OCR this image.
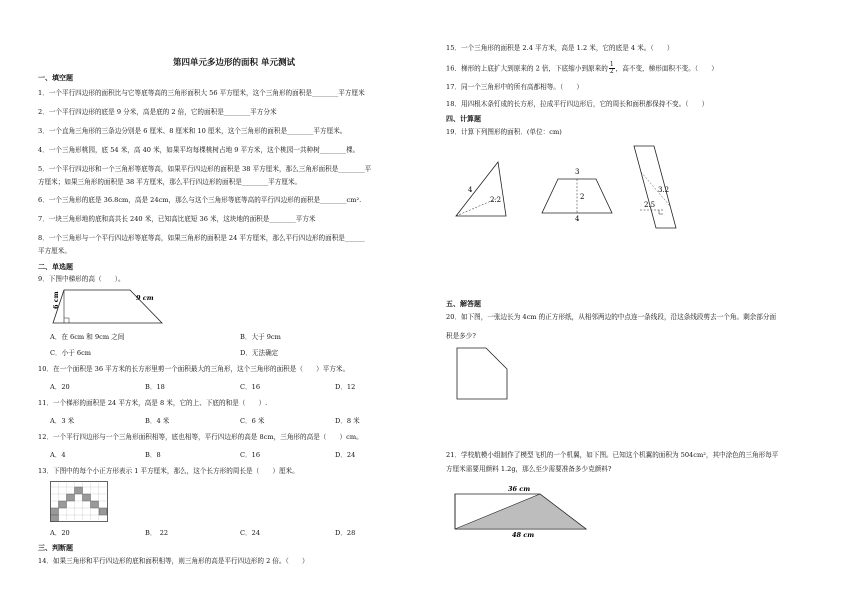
第四单元多边形的面积 单元测试
一、填空题
1．一个平行四边形的面积比与它等底等高的三角形面积大 56 平方厘米，这个三角形的面积是________平方厘米
2．一个平行四边形的底是 9 分米，高是底的 2 倍，它的面积是________平方分米
3．一个直角三角形的三条边分别是 6 厘米、8 厘米和 10 厘米，这个三角形的面积是________平方厘米。
4．一个三角形桃园，底 54 米，高 40 米，如果平均每棵桃树占地 9 平方米，这个桃园一共种树________棵。
5．一个平行四边形和一个三角形等底等高，如果平行四边形的面积是 38 平方厘米，那么三角形面积是________平
方厘米；如果三角形的面积是 38 平方厘米，那么平行四边形的面积是________平方厘米。
6．一个三角形的底是 36.8cm，高是 24cm，那么与这个三角形等底等高的平行四边形的面积是________cm².
7．一块三角形地的底和高共长 240 米，已知高比底短 36 米，这块地的面积是________平方米
8．一个三角形与一个平行四边形等底等高，如果三角形的面积是 24 平方厘米，那么平行四边形的面积是______
平方厘米。
二、单选题
9．下图中梯形的高（　　）。
6 cm	9 cm
A．在 6cm 和 9cm 之间	B．大于 9cm
C．小于 6cm	D．无法确定
10．在一个面积是 36 平方米的长方形里剪一个面积最大的三角形，这个三角形的面积是（　　）平方米。
A．20	B．18	C．16	D．12
11．一个梯形的面积是 24 平方米，高是 8 米，它的上、下底的和是（　　）.
A．3 米	B．4 米	C．6 米	D．8 米
12．一个平行四边形与一个三角形面积相等，底也相等，平行四边形的高是 8cm，三角形的高是（　　）cm。
A．4	B．8	C．16	D．24
13．下图中的每个小正方形表示 1 平方厘米，那么，这个长方形的周长是（　　）厘米。
A．20	B．　22	C．24	D．28
三、判断题
14．如果三角形和平行四边形的底和面积相等，则三角形的高是平行四边形的 2 倍。（　　）
15．一个三角形的面积是 2.4 平方米，高是 1.2 米，它的底是 4 米。（　　）
16．梯形的上底扩大到原来的 2 倍，下底缩小到原来的 $\frac{1}{2}$ ，高不变，梯形面积不变。（　　）
17．同一个三角形中的所有高都相等。（　　）
18．用四根木条钉成的长方形，拉成平行四边形后，它的周长和面积都保持不变。（　　）
四、计算题
19．计算下列图形的面积．(单位：cm)
4
2.2
3
2
4
3.2
2.5
五、解答题
20．如下图，一张边长为 4cm 的正方形纸，从相邻两边的中点连一条线段，沿这条线段剪去一个角。剩余部分面
积是多少?
21．学校航模小组制作了模型飞机的一个机翼，如下图。已知这个机翼的面积为 504cm²，其中涂色的三角形每平
方厘米需要用颜料 1.2g，那么至少需要准备多少克颜料?
36 cm
48 cm
